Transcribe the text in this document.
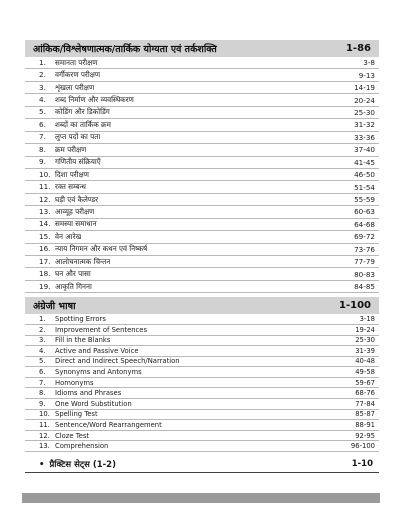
आंकिक/विश्लेषणात्मक/तार्किक योग्यता एवं तर्कशक्ति	1-86
1. समानता परीक्षण	3-8
2. वर्गीकरण परीक्षण	9-13
3. शृंखला परीक्षण	14-19
4. शब्द निर्माण और व्यवस्थिकरण	20-24
5. कोडिंग और डिकोडिंग	25-30
6. शब्दों का तार्किक क्रम	31-32
7. लुप्त पदों का पता	33-36
8. क्रम परीक्षण	37-40
9. गणितीय संक्रियाएँ	41-45
10. दिशा परीक्षण	46-50
11. रक्त सम्बन्ध	51-54
12. घड़ी एवं कैलेण्डर	55-59
13. आव्यूह परीक्षण	60-63
14. समस्या समाधान	64-68
15. वेन आरेख	69-72
16. न्याय निगमन और कथन एवं निष्कर्ष	73-76
17. आलोचनात्मक चिन्तन	77-79
18. घन और पासा	80-83
19. आकृति गिनना	84-85
अंग्रेजी भाषा	1-100
1. Spotting Errors	3-18
2. Improvement of Sentences	19-24
3. Fill in the Blanks	25-30
4. Active and Passive Voice	31-39
5. Direct and Indirect Speech/Narration	40-48
6. Synonyms and Antonyms	49-58
7. Homonyms	59-67
8. Idioms and Phrases	68-76
9. One Word Substitution	77-84
10. Spelling Test	85-87
11. Sentence/Word Rearrangement	88-91
12. Cloze Test	92-95
13. Comprehension	96-100
• प्रैक्टिस सेट्स (1-2)	1-10
